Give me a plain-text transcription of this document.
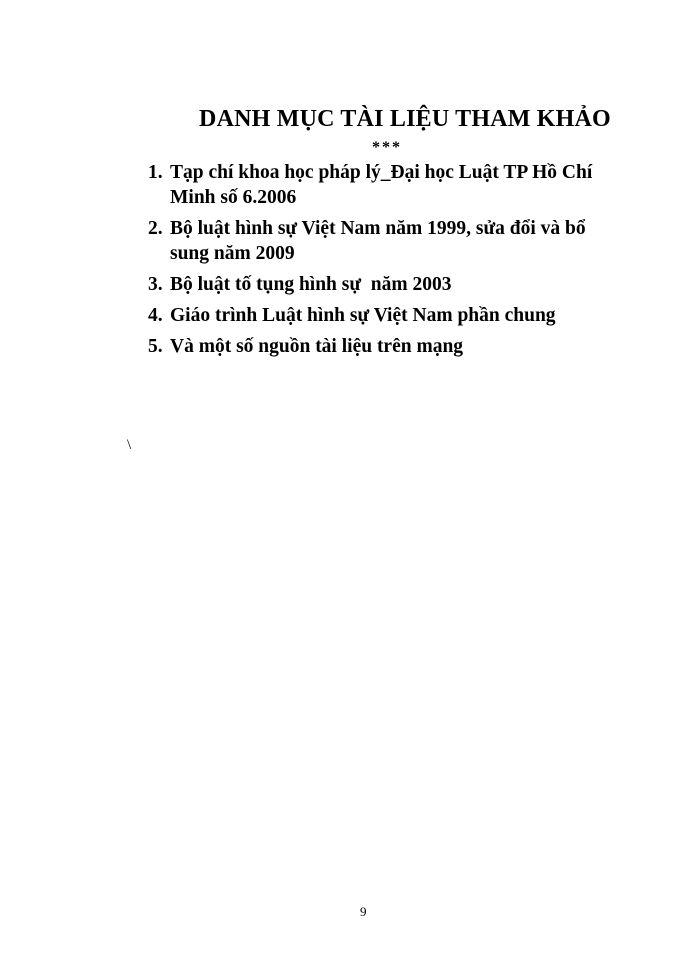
DANH MỤC TÀI LIỆU THAM KHẢO
***
1. Tạp chí khoa học pháp lý_Đại học Luật TP Hồ Chí Minh số 6.2006
2. Bộ luật hình sự Việt Nam năm 1999, sửa đổi và bổ sung năm 2009
3. Bộ luật tố tụng hình sự  năm 2003
4. Giáo trình Luật hình sự Việt Nam phần chung
5. Và một số nguồn tài liệu trên mạng
\
9
